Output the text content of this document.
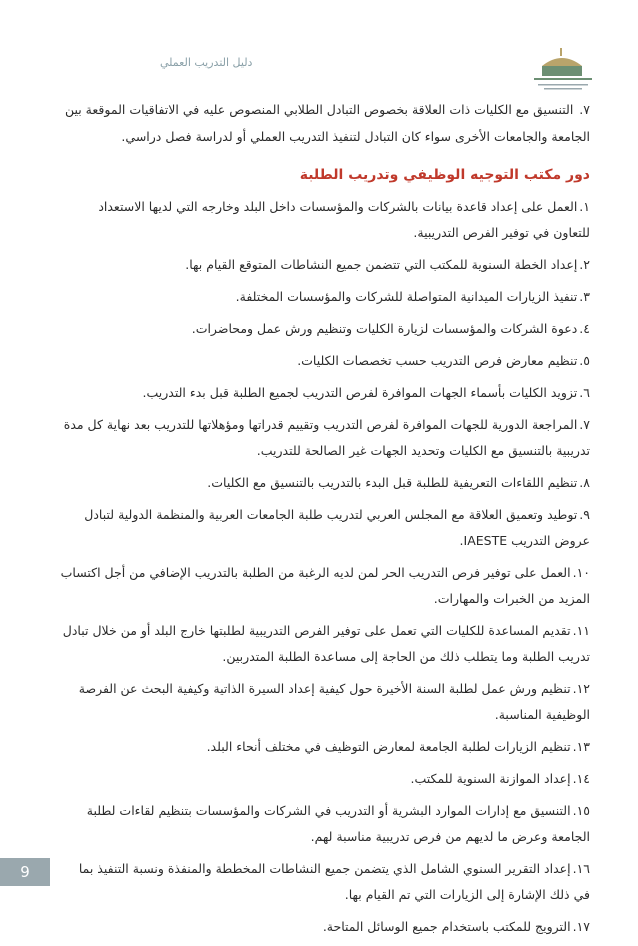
دليل التدريب العملي

٧. التنسيق مع الكليات ذات العلاقة بخصوص التبادل الطلابي المنصوص عليه في الاتفاقيات الموقعة بين الجامعة والجامعات الأخرى سواء كان التبادل لتنفيذ التدريب العملي أو لدراسة فصل دراسي.

دور مكتب التوجيه الوظيفي وتدريب الطلبة
١.العمل على إعداد قاعدة بيانات بالشركات والمؤسسات داخل البلد وخارجه التي لديها الاستعداد للتعاون في توفير الفرص التدريبية.
٢.إعداد الخطة السنوية للمكتب التي تتضمن جميع النشاطات المتوقع القيام بها.
٣.تنفيذ الزيارات الميدانية المتواصلة للشركات والمؤسسات المختلفة.
٤.دعوة الشركات والمؤسسات لزيارة الكليات وتنظيم ورش عمل ومحاضرات.
٥.تنظيم معارض فرص التدريب حسب تخصصات الكليات.
٦.تزويد الكليات بأسماء الجهات الموافرة لفرص التدريب لجميع الطلبة قبل بدء التدريب.
٧.المراجعة الدورية للجهات الموافرة لفرص التدريب وتقييم قدراتها ومؤهلاتها للتدريب بعد نهاية كل مدة تدريبية بالتنسيق مع الكليات وتحديد الجهات غير الصالحة للتدريب.
٨.تنظيم اللقاءات التعريفية للطلبة قبل البدء بالتدريب بالتنسيق مع الكليات.
٩.توطيد وتعميق العلاقة مع المجلس العربي لتدريب طلبة الجامعات العربية والمنظمة الدولية لتبادل عروض التدريب IAESTE.
١٠.العمل على توفير فرص التدريب الحر لمن لديه الرغبة من الطلبة بالتدريب الإضافي من أجل اكتساب المزيد من الخبرات والمهارات.
١١.تقديم المساعدة للكليات التي تعمل على توفير الفرص التدريبية لطلبتها خارج البلد أو من خلال تبادل تدريب الطلبة وما يتطلب ذلك من الحاجة إلى مساعدة الطلبة المتدربين.
١٢.تنظيم ورش عمل لطلبة السنة الأخيرة حول كيفية إعداد السيرة الذاتية وكيفية البحث عن الفرصة الوظيفية المناسبة.
١٣.تنظيم الزيارات لطلبة الجامعة لمعارض التوظيف في مختلف أنحاء البلد.
١٤.إعداد الموازنة السنوية للمكتب.
١٥.التنسيق مع إدارات الموارد البشرية أو التدريب في الشركات والمؤسسات بتنظيم لقاءات لطلبة الجامعة وعرض ما لديهم من فرص تدريبية مناسبة لهم.
١٦.إعداد التقرير السنوي الشامل الذي يتضمن جميع النشاطات المخططة والمنفذة ونسبة التنفيذ بما في ذلك الإشارة إلى الزيارات التي تم القيام بها.
١٧.الترويج للمكتب باستخدام جميع الوسائل المتاحة.
9
